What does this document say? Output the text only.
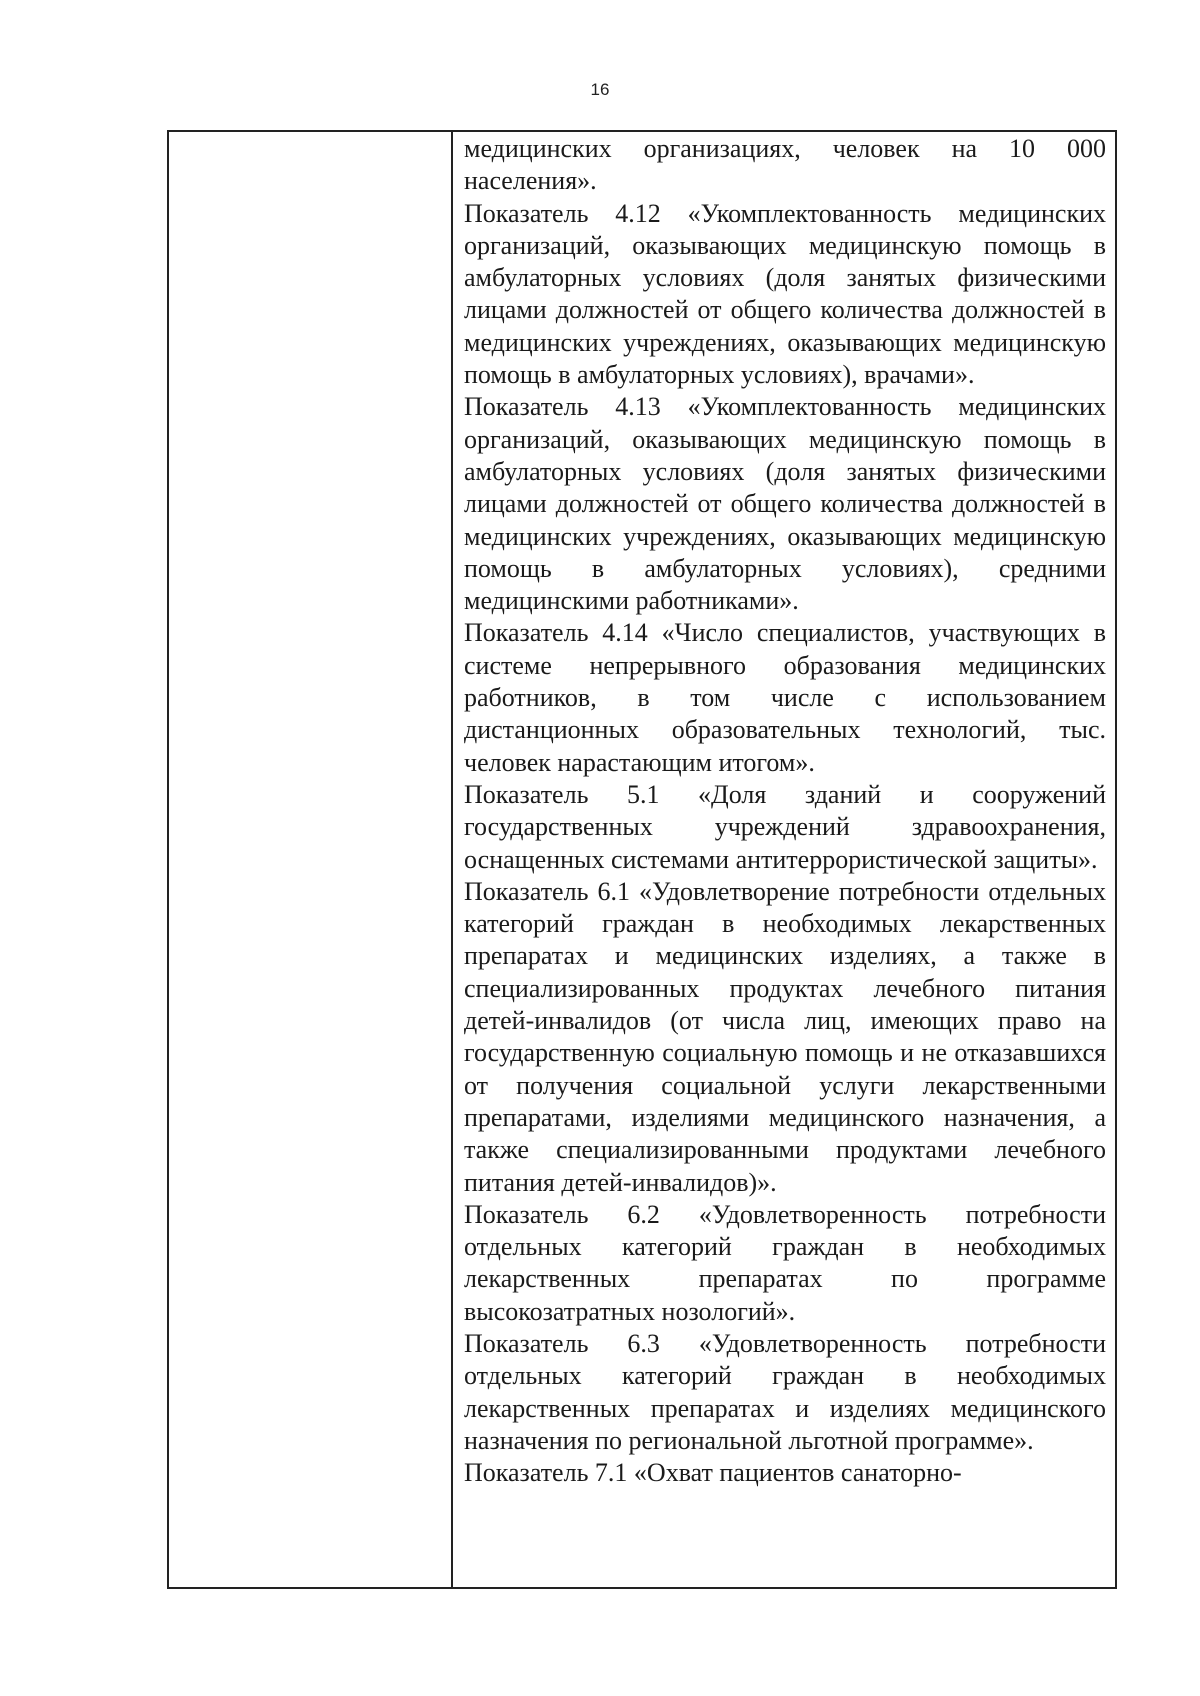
16

медицинских организациях, человек на 10 000 населения».

Показатель 4.12 «Укомплектованность медицинских организаций, оказывающих медицинскую помощь в амбулаторных условиях (доля занятых физическими лицами должностей от общего количества должностей в медицинских учреждениях, оказывающих медицинскую помощь в амбулаторных условиях), врачами».

Показатель 4.13 «Укомплектованность медицинских организаций, оказывающих медицинскую помощь в амбулаторных условиях (доля занятых физическими лицами должностей от общего количества должностей в медицинских учреждениях, оказывающих медицинскую помощь в амбулаторных условиях), средними медицинскими работниками».

Показатель 4.14 «Число специалистов, участвующих в системе непрерывного образования медицинских работников, в том числе с использованием дистанционных образовательных технологий, тыс. человек нарастающим итогом».

Показатель 5.1 «Доля зданий и сооружений государственных учреждений здравоохранения, оснащенных системами антитеррористической защиты».

Показатель 6.1 «Удовлетворение потребности отдельных категорий граждан в необходимых лекарственных препаратах и медицинских изделиях, а также в специализированных продуктах лечебного питания детей-инвалидов (от числа лиц, имеющих право на государственную социальную помощь и не отказавшихся от получения социальной услуги лекарственными препаратами, изделиями медицинского назначения, а также специализированными продуктами лечебного питания детей-инвалидов)».

Показатель 6.2 «Удовлетворенность потребности отдельных категорий граждан в необходимых лекарственных препаратах по программе высокозатратных нозологий».

Показатель 6.3 «Удовлетворенность потребности отдельных категорий граждан в необходимых лекарственных препаратах и изделиях медицинского назначения по региональной льготной программе».

Показатель 7.1 «Охват пациентов санаторно-
